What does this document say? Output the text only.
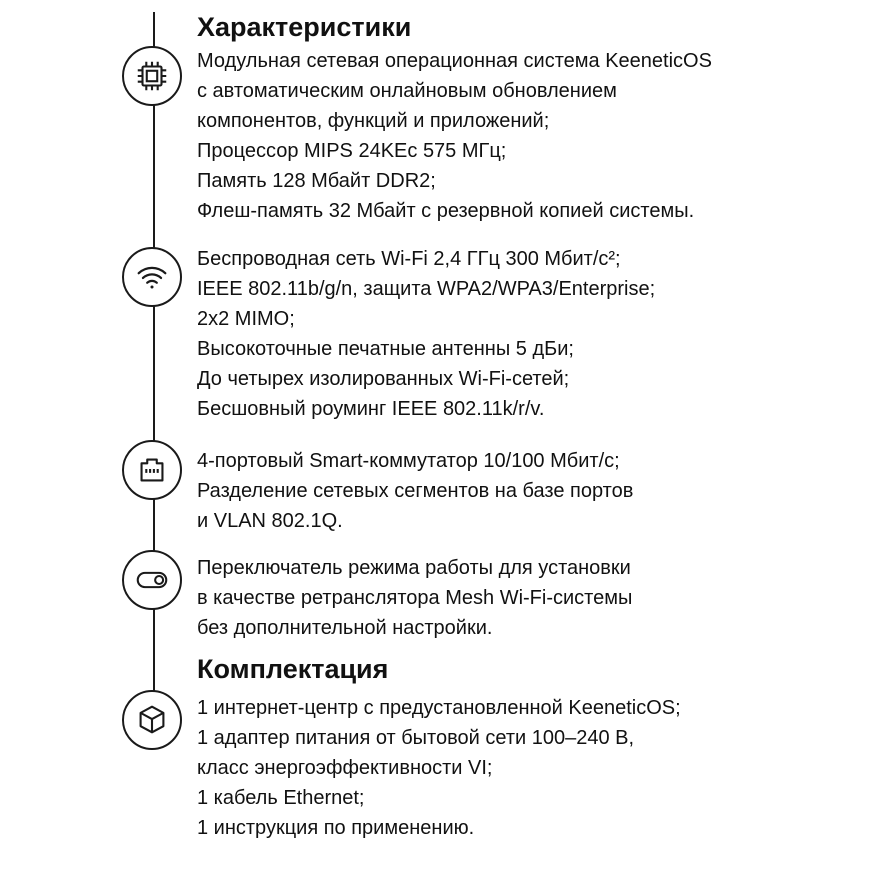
Характеристики
Модульная сетевая операционная система KeeneticOS
с автоматическим онлайновым обновлением
компонентов, функций и приложений;
Процессор MIPS 24KEc 575 МГц;
Память 128 Мбайт DDR2;
Флеш-память 32 Мбайт с резервной копией системы.
Беспроводная сеть Wi-Fi 2,4 ГГц 300 Мбит/с²;
IEEE 802.11b/g/n, защита WPA2/WPA3/Enterprise;
2x2 MIMO;
Высокоточные печатные антенны 5 дБи;
До четырех изолированных Wi-Fi-сетей;
Бесшовный роуминг IEEE 802.11k/r/v.
4-портовый Smart-коммутатор 10/100 Мбит/с;
Разделение сетевых сегментов на базе портов
и VLAN 802.1Q.
Переключатель режима работы для установки
в качестве ретранслятора Mesh Wi-Fi-системы
без дополнительной настройки.
Комплектация
1 интернет-центр с предустановленной KeeneticOS;
1 адаптер питания от бытовой сети 100–240 В,
класс энергоэффективности VI;
1 кабель Ethernet;
1 инструкция по применению.
